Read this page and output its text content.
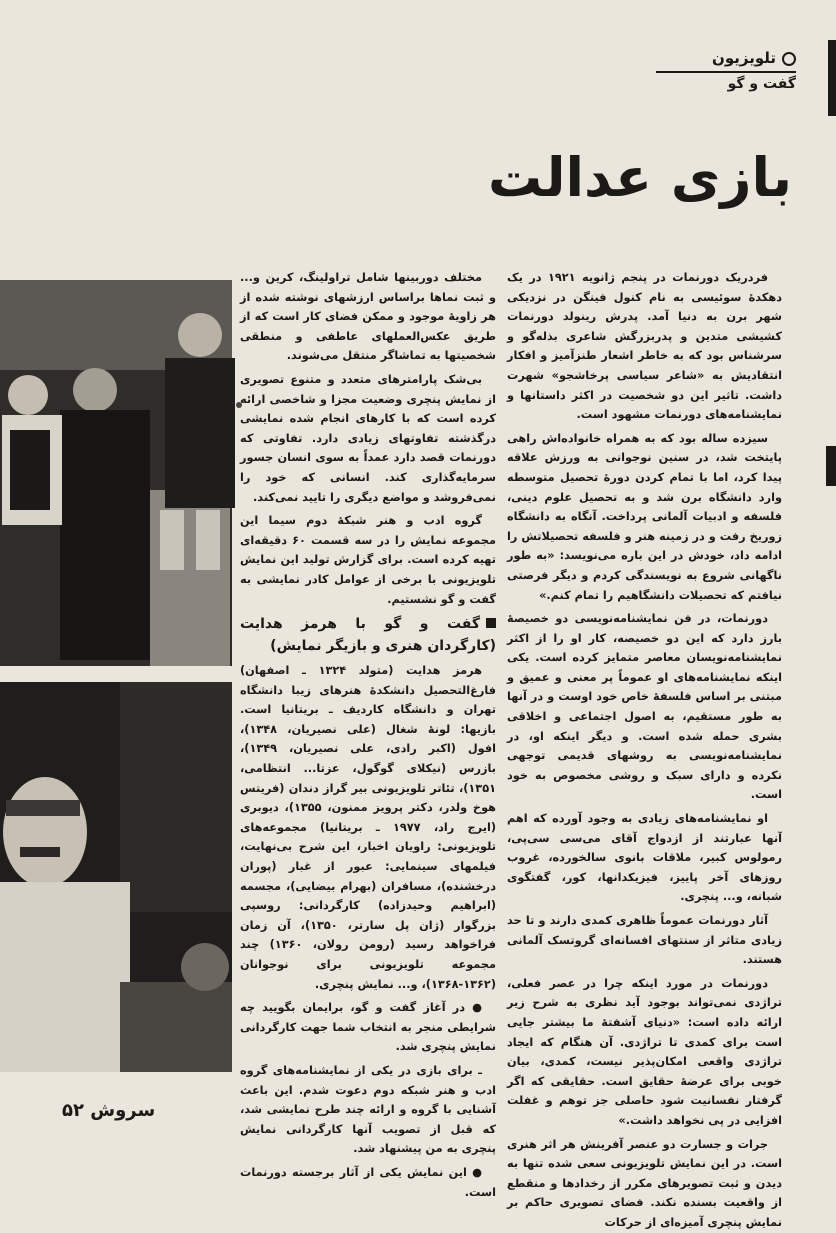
تلویزیون
گفت و گو
بازی عدالت

فردریک دورنمات در پنجم ژانویه ۱۹۲۱ در یک دهکدهٔ سوئیسی به نام کنول فینگن در نزدیکی شهر برن به دنیا آمد. پدرش رینولد دورنمات کشیشی متدین و پدربزرگش شاعری بذله‌گو و سرشناس بود که به خاطر اشعار طنزآمیز و افکار انتقادیش به «شاعر سیاسی پرخاشجو» شهرت داشت. تاثیر این دو شخصیت در اکثر داستانها و نمایشنامه‌های دورنمات مشهود است.

سیزده ساله بود که به همراه خانواده‌اش راهی پایتخت شد، در سنین نوجوانی به ورزش علاقه پیدا کرد، اما با تمام کردن دورهٔ تحصیل متوسطه وارد دانشگاه برن شد و به تحصیل علوم دینی، فلسفه و ادبیات آلمانی پرداخت. آنگاه به دانشگاه زوریخ رفت و در زمینه هنر و فلسفه تحصیلاتش را ادامه داد، خودش در این باره می‌نویسد: «به طور ناگهانی شروع به نویسندگی کردم و دیگر فرصتی نیافتم که تحصیلات دانشگاهیم را تمام کنم.»

دورنمات، در فن نمایشنامه‌نویسی دو خصیصهٔ بارز دارد که این دو خصیصه، کار او را از اکثر نمایشنامه‌نویسان معاصر متمایز کرده است. یکی اینکه نمایشنامه‌های او عموماً پر معنی و عمیق و مبتنی بر اساس فلسفهٔ خاص خود اوست و در آنها به طور مستقیم، به اصول اجتماعی و اخلاقی بشری حمله شده است. و دیگر اینکه او، در نمایشنامه‌نویسی به روشهای قدیمی توجهی نکرده و دارای سبک و روشی مخصوص به خود است.

او نمایشنامه‌های زیادی به وجود آورده که اهم آنها عبارتند از ازدواج آقای می‌سی سی‌پی، رمولوس کبیر، ملاقات بانوی سالخورده، غروب روزهای آخر پاییز، فیزیکدانها، کور، گفتگوی شبانه، و... پنچری.

آثار دورنمات عموماً ظاهری کمدی دارند و تا حد زیادی متاثر از سنتهای افسانه‌ای گروتسک آلمانی هستند.

دورنمات در مورد اینکه چرا در عصر فعلی، تراژدی نمی‌تواند بوجود آید نظری به شرح زیر ارائه داده است: «دنیای آشفتهٔ ما بیشتر جایی است برای کمدی تا تراژدی. آن هنگام که ایجاد تراژدی واقعی امکان‌پذیر نیست، کمدی، بیان خوبی برای عرضهٔ حقایق است. حقایقی که اگر گرفتار نفسانیت شود حاصلی جز توهم و غفلت افزایی در پی نخواهد داشت.»

جرات و جسارت دو عنصر آفرینش هر اثر هنری است. در این نمایش تلویزیونی سعی شده تنها به دیدن و ثبت تصویرهای مکرر از رخدادها و منقطع از واقعیت بسنده نکند. فضای تصویری حاکم بر نمایش پنچری آمیزه‌ای از حرکات

مختلف دوربینها شامل تراولینگ، کرین و... و ثبت نماها براساس ارزشهای نوشته شده از هر زاویهٔ موجود و ممکن فضای کار است که از طریق عکس‌العملهای عاطفی و منطقی شخصیتها به تماشاگر منتقل می‌شوند.

بی‌شک پارامترهای متعدد و متنوع تصویری از نمایش پنچری وضعیت مجزا و شاخصی ارائه کرده است که با کارهای انجام شده نمایشی درگذشته تفاوتهای زیادی دارد. تفاوتی که دورنمات قصد دارد عمداً به سوی انسان جسور سرمایه‌گذاری کند. انسانی که خود را نمی‌فروشد و مواضع دیگری را تایید نمی‌کند.

گروه ادب و هنر شبکهٔ دوم سیما این مجموعه نمایش را در سه قسمت ۶۰ دقیقه‌ای تهیه کرده است. برای گزارش تولید این نمایش تلویزیونی با برخی از عوامل کادر نمایشی به گفت و گو نشستیم.

گفت و گو با هرمز هدایت (کارگردان هنری و بازیگر نمایش)

هرمز هدایت (متولد ۱۳۲۴ ـ اصفهان) فارغ‌التحصیل دانشکدهٔ هنرهای زیبا دانشگاه تهران و دانشگاه کاردیف ـ بریتانیا است. بازیها: لونهٔ شغال (علی نصیریان، ۱۳۴۸)، افول (اکبر رادی، علی نصیریان، ۱۳۴۹)، بازرس (نیکلای گوگول، عزتا... انتظامی، ۱۳۵۱)، تئاتر تلویزیونی بیر گراز دندان (فریتس هوخ ولدر، دکتر پرویز ممنون، ۱۳۵۵)، دیوبری (ایرج راد، ۱۹۷۷ ـ بریتانیا) مجموعه‌های تلویزیونی: راویان اخبار، این شرح بی‌نهایت، فیلمهای سینمایی: عبور از غبار (پوران درخشنده)، مسافران (بهرام بیضایی)، مجسمه (ابراهیم وحیدزاده) کارگردانی: روسپی بزرگوار (ژان پل سارتر، ۱۳۵۰)، آن زمان فراخواهد رسید (رومن رولان، ۱۳۶۰) چند مجموعه تلویزیونی برای نوجوانان (۱۳۶۲-۱۳۶۸)، و... نمایش پنچری.

● در آغاز گفت و گو، برایمان بگویید چه شرایطی منجر به انتخاب شما جهت کارگردانی نمایش پنچری شد.

ـ برای بازی در یکی از نمایشنامه‌های گروه ادب و هنر شبکه دوم دعوت شدم. این باعث آشنایی با گروه و ارائه چند طرح نمایشی شد، که قبل از تصویب آنها کارگردانی نمایش پنچری به من پیشنهاد شد.

● این نمایش یکی از آثار برجسته دورنمات است.

سروش ۵۲
